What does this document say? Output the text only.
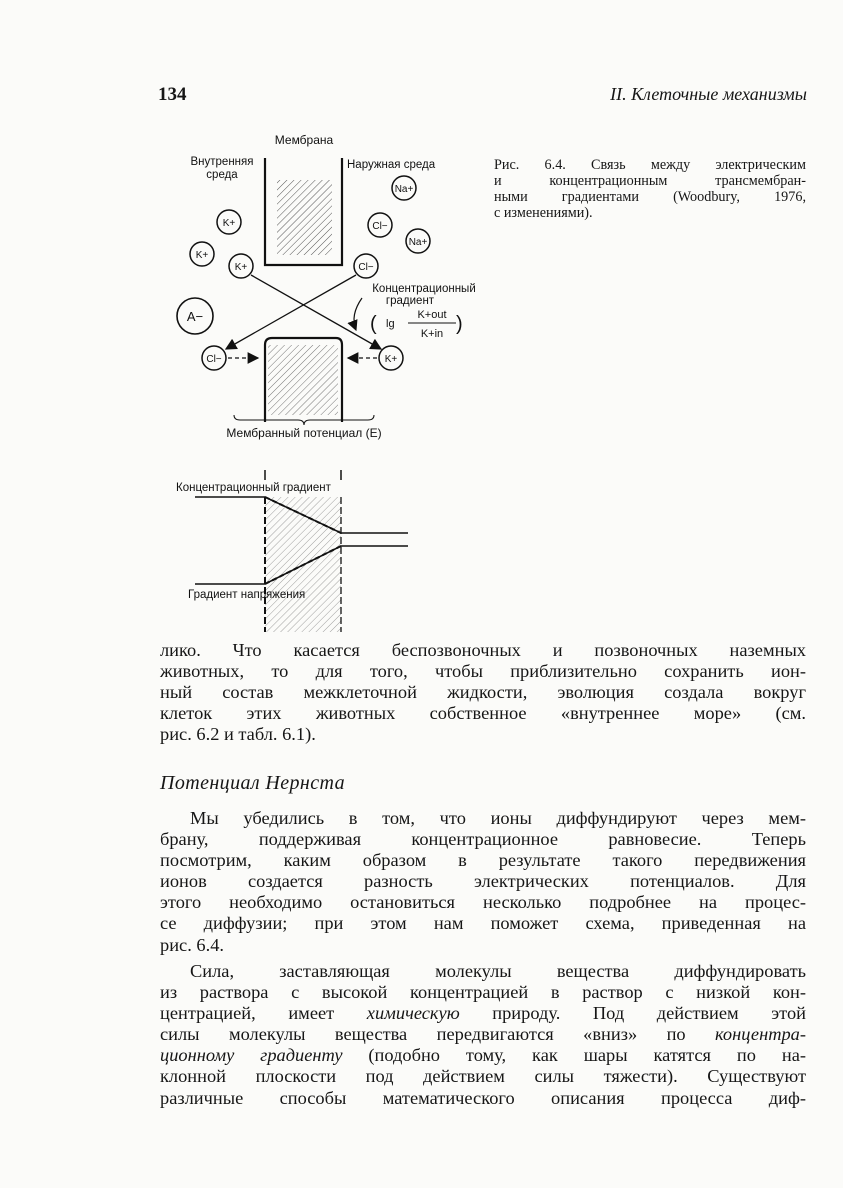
134	II. Клеточные механизмы
Мембрана
Внутренняя
среда
Наружная среда
Na+
Cl−
Na+
K+
K+
K+	Cl−
A−
Cl−	K+
Концентрационный
градиент
( lg
K+out
K+in )
Мембранный потенциал (E)
Концентрационный градиент
Градиент напряжения
Рис. 6.4. Связь между электрическим
и концентрационным трансмембран-
ными градиентами (Woodbury, 1976,
с изменениями).
лико. Что касается беспозвоночных и позвоночных наземных
животных, то для того, чтобы приблизительно сохранить ион-
ный состав межклеточной жидкости, эволюция создала вокруг
клеток этих животных собственное «внутреннее море» (см.
рис. 6.2 и табл. 6.1).
Потенциал Нернста
Мы убедились в том, что ионы диффундируют через мем-
брану, поддерживая концентрационное равновесие. Теперь
посмотрим, каким образом в результате такого передвижения
ионов создается разность электрических потенциалов. Для
этого необходимо остановиться несколько подробнее на процес-
се диффузии; при этом нам поможет схема, приведенная на
рис. 6.4.
Сила, заставляющая молекулы вещества диффундировать
из раствора с высокой концентрацией в раствор с низкой кон-
центрацией, имеет химическую природу. Под действием этой
силы молекулы вещества передвигаются «вниз» по концентра-
ционному градиенту (подобно тому, как шары катятся по на-
клонной плоскости под действием силы тяжести). Существуют
различные способы математического описания процесса диф-
